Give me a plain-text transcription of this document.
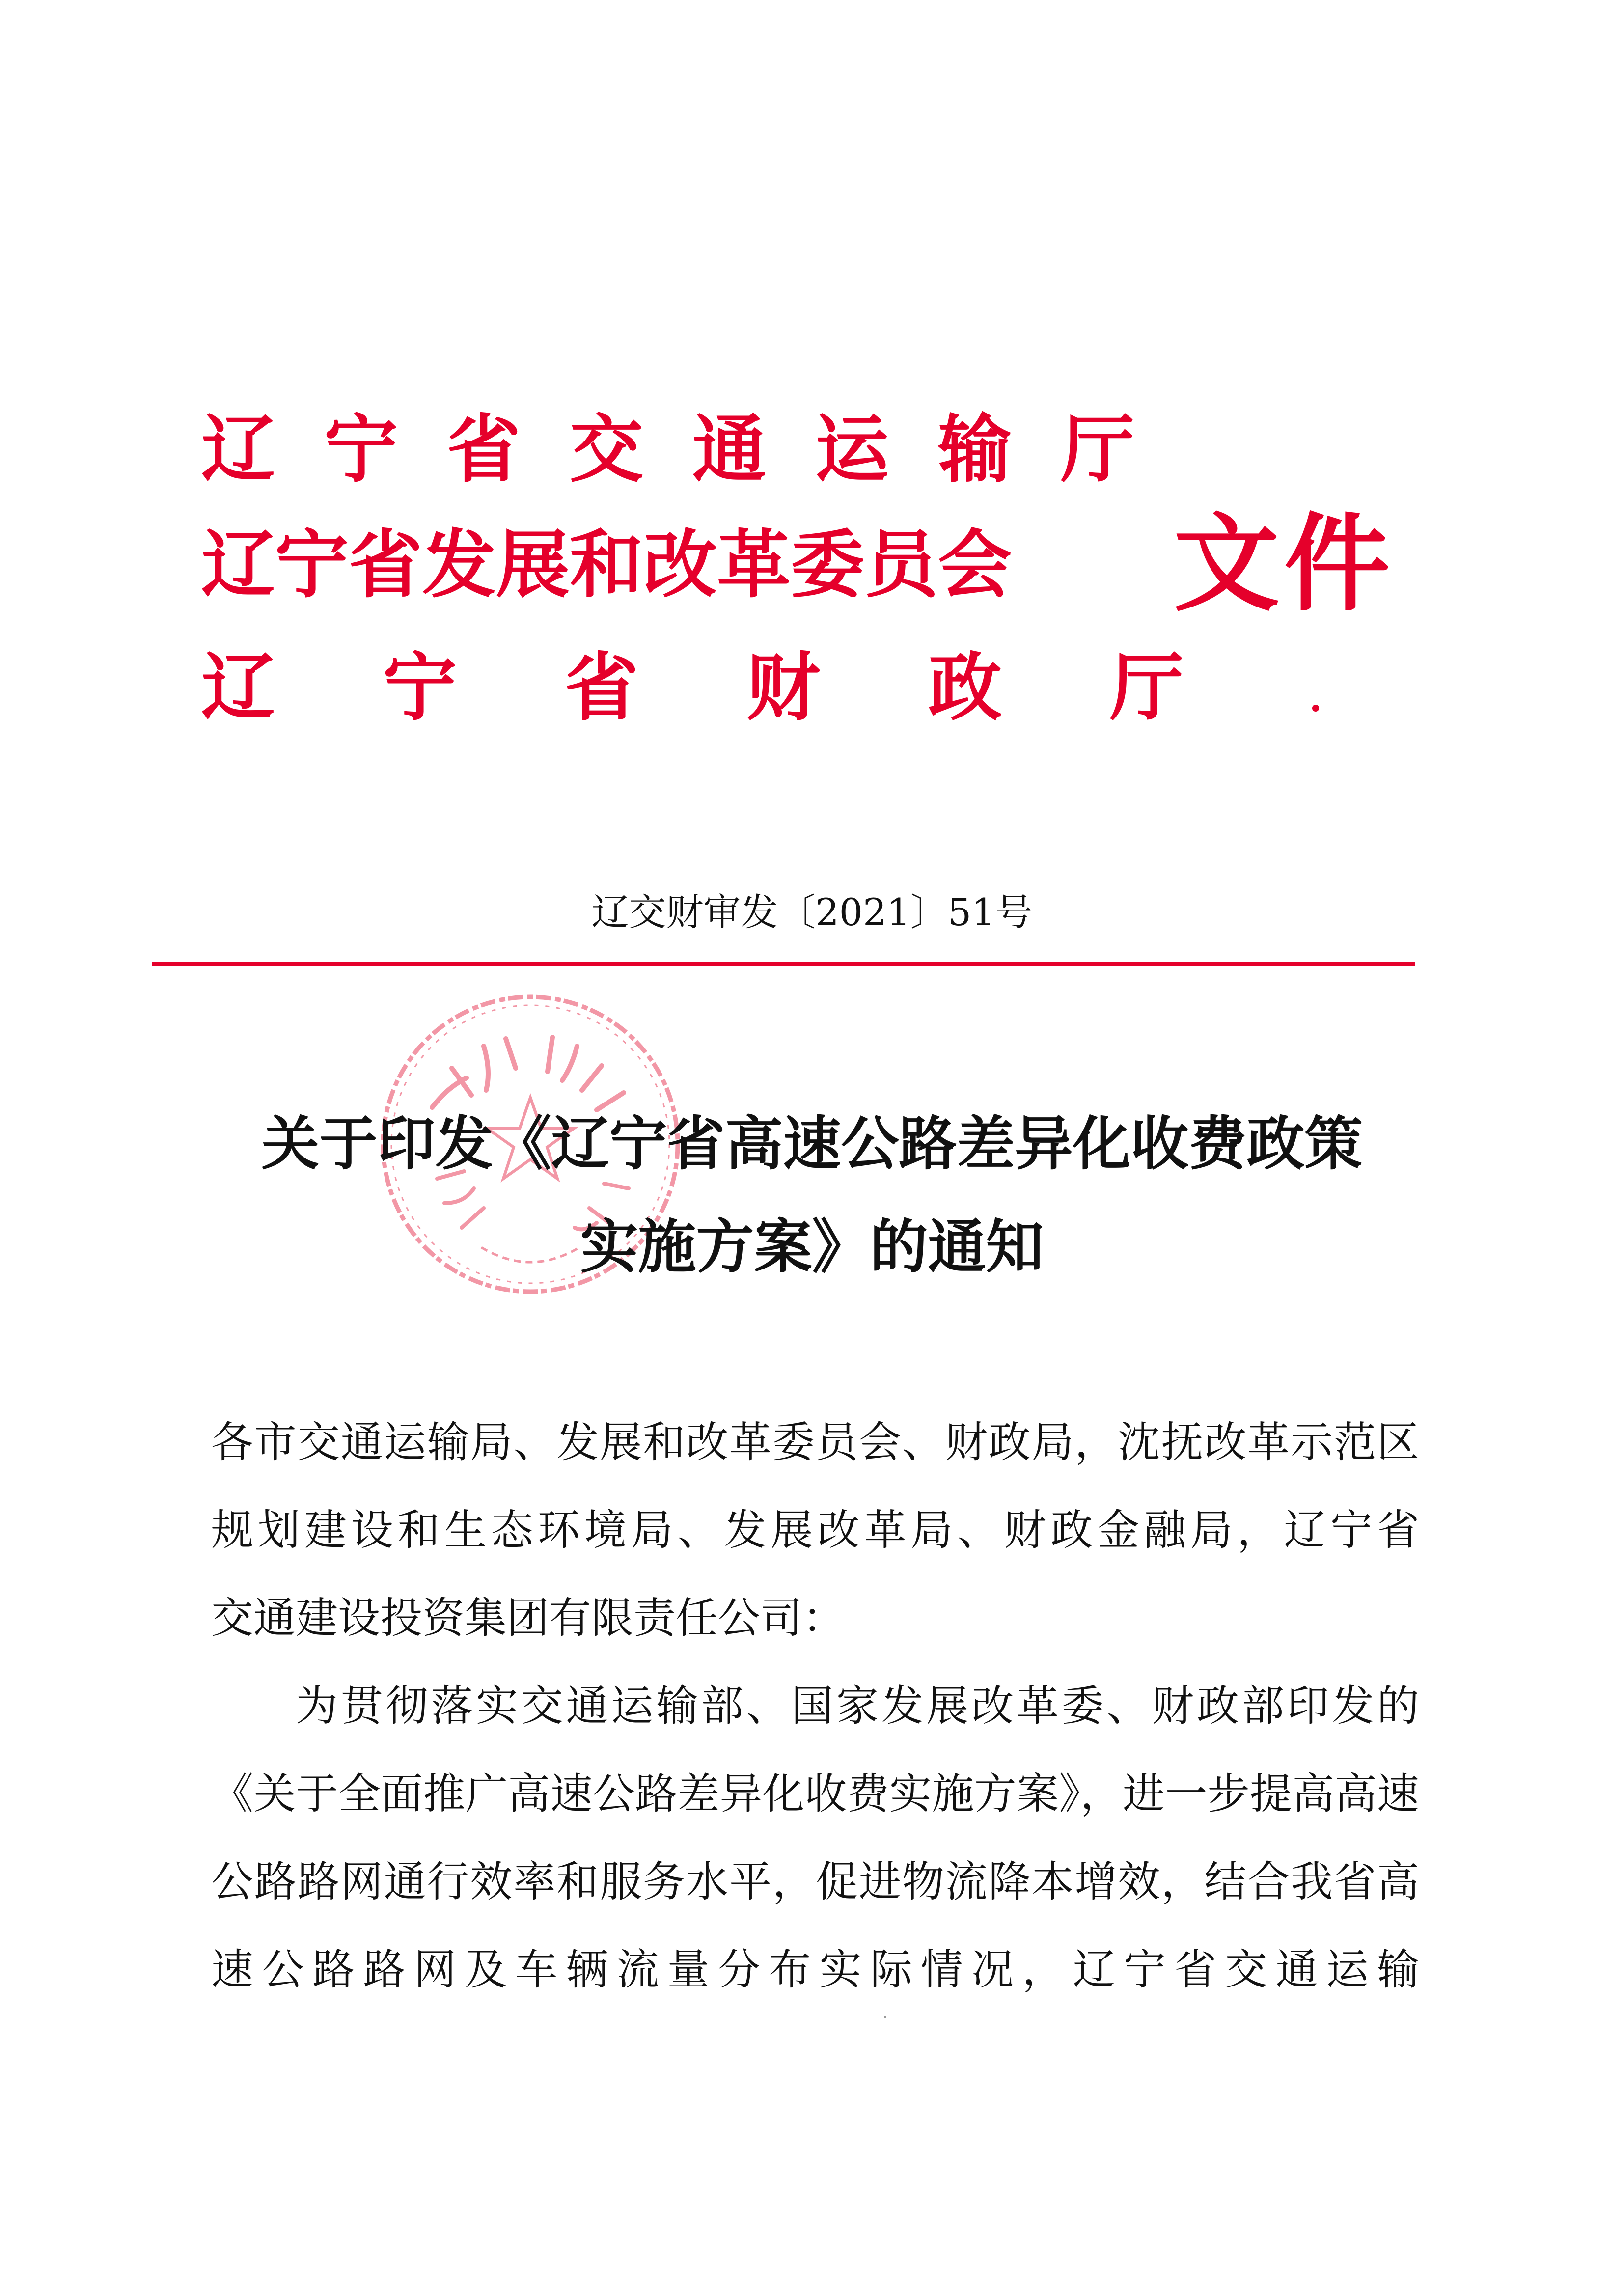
辽宁省交通运输厅
辽宁省发展和改革委员会
辽宁省财政厅
文件
辽交财审发〔2021〕51号
关于印发《辽宁省高速公路差异化收费政策
实施方案》的通知
各市交通运输局、发展和改革委员会、财政局，沈抚改革示范区规划建设和生态环境局、发展改革局、财政金融局，辽宁省
交通建设投资集团有限责任公司：
为贯彻落实交通运输部、国家发展改革委、财政部印发的《关于全面推广高速公路差异化收费实施方案》，进一步提高高速公路路网通行效率和服务水平，促进物流降本增效，结合我省高速公路路网及车辆流量分布实际情况，辽宁省交通运输
